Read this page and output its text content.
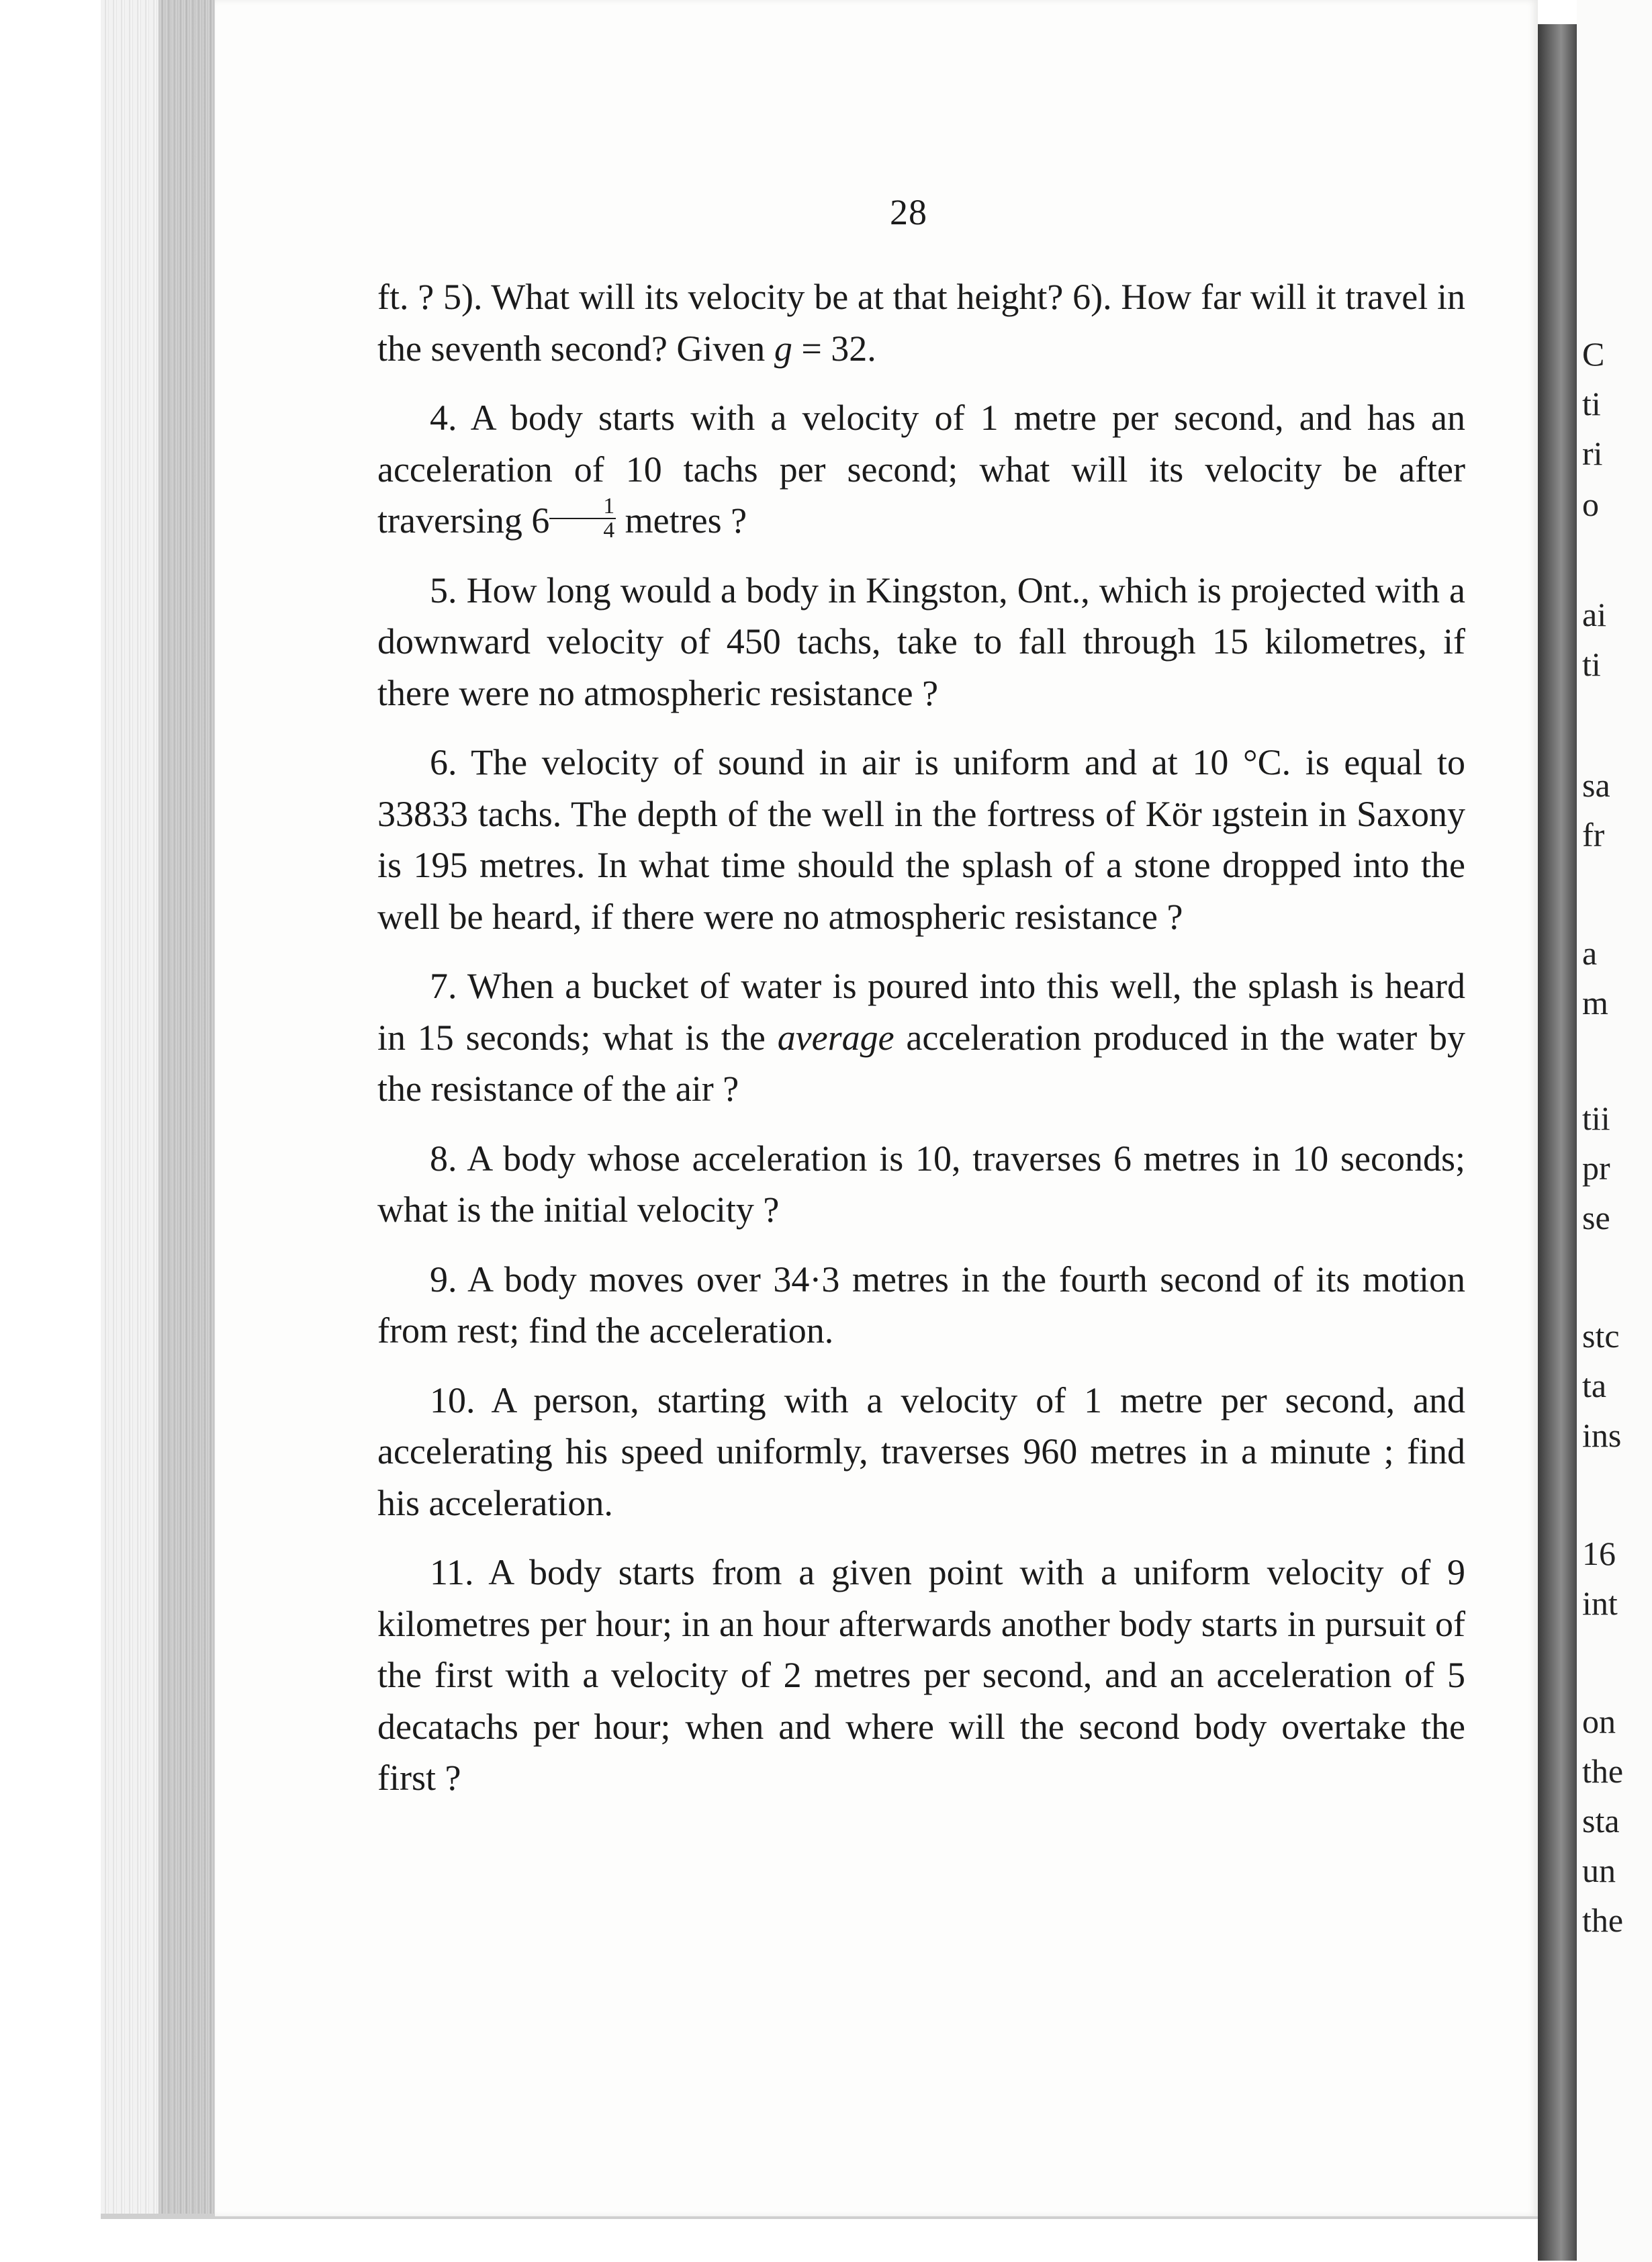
28

ft. ? 5). What will its velocity be at that height? 6). How far will it travel in the seventh second? Given g = 32.

4. A body starts with a velocity of 1 metre per second, and has an acceleration of 10 tachs per second; what will its velocity be after traversing $6 \frac{1}{4}$ metres ?

5. How long would a body in Kingston, Ont., which is projected with a downward velocity of 450 tachs, take to fall through 15 kilometres, if there were no atmospheric resistance ?

6. The velocity of sound in air is uniform and at 10 °C. is equal to 33833 tachs. The depth of the well in the fortress of Kör ıgstein in Saxony is 195 metres. In what time should the splash of a stone dropped into the well be heard, if there were no atmospheric resistance ?

7. When a bucket of water is poured into this well, the splash is heard in 15 seconds; what is the average acceleration produced in the water by the resistance of the air ?

8. A body whose acceleration is 10, traverses 6 metres in 10 seconds; what is the initial velocity ?

9. A body moves over 34·3 metres in the fourth second of its motion from rest; find the acceleration.

10. A person, starting with a velocity of 1 metre per second, and accelerating his speed uniformly, traverses 960 metres in a minute ; find his acceleration.

11. A body starts from a given point with a uniform velocity of 9 kilometres per hour; in an hour afterwards another body starts in pursuit of the first with a velocity of 2 metres per second, and an acceleration of 5 decatachs per hour; when and where will the second body overtake the first ?

C
ti
ri
o
ai
ti
sa
fr
a
m
tii
pr
se
stc
ta
ins
16
int
on
the
sta
un
the
